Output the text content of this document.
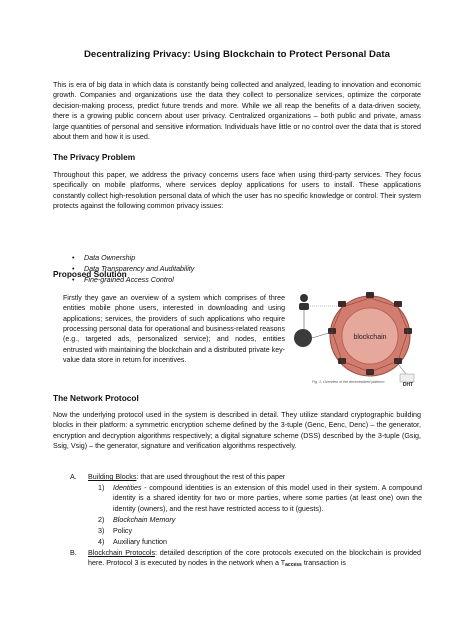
Decentralizing Privacy: Using Blockchain to Protect Personal Data

This is era of big data in which data is constantly being collected and analyzed, leading to innovation and economic growth. Companies and organizations use the data they collect to personalize services, optimize the corporate decision-making process, predict future trends and more. While we all reap the benefits of a data-driven society, there is a growing public concern about user privacy. Centralized organizations – both public and private, amass large quantities of personal and sensitive information. Individuals have little or no control over the data that is stored about them and how it is used.

The Privacy Problem

Throughout this paper, we address the privacy concerns users face when using third-party services. They focus specifically on mobile platforms, where services deploy applications for users to install. These applications constantly collect high-resolution personal data of which the user has no specific knowledge or control. Their system protects against the following common privacy issues:

• Data Ownership
• Data Transparency and Auditability
• Fine-grained Access Control

Proposed Solution

Firstly they gave an overview of a system which comprises of three entities mobile phone users, interested in downloading and using applications; services, the providers of such applications who require processing personal data for operational and business-related reasons (e.g., targeted ads, personalized service); and nodes, entities entrusted with maintaining the blockchain and a distributed private key-value data store in return for incentives.

blockchain
DHT
Fig. 1. Overview of the decentralized platform.

The Network Protocol

Now the underlying protocol used in the system is described in detail. They utilize standard cryptographic building blocks in their platform: a symmetric encryption scheme defined by the 3-tuple (Genc, Eenc, Denc) – the generator, encryption and decryption algorithms respectively; a digital signature scheme (DSS) described by the 3-tuple (Gsig, Ssig, Vsig) – the generator, signature and verification algorithms respectively.

A. Building Blocks: that are used throughout the rest of this paper
1) Identities - compound identities is an extension of this model used in their system. A compound identity is a shared identity for two or more parties, where some parties (at least one) own the identity (owners), and the rest have restricted access to it (guests).
2) Blockchain Memory
3) Policy
4) Auxiliary function
B. Blockchain Protocols: detailed description of the core protocols executed on the blockchain is provided here. Protocol 3 is executed by nodes in the network when a $T_{access}$ transaction is
